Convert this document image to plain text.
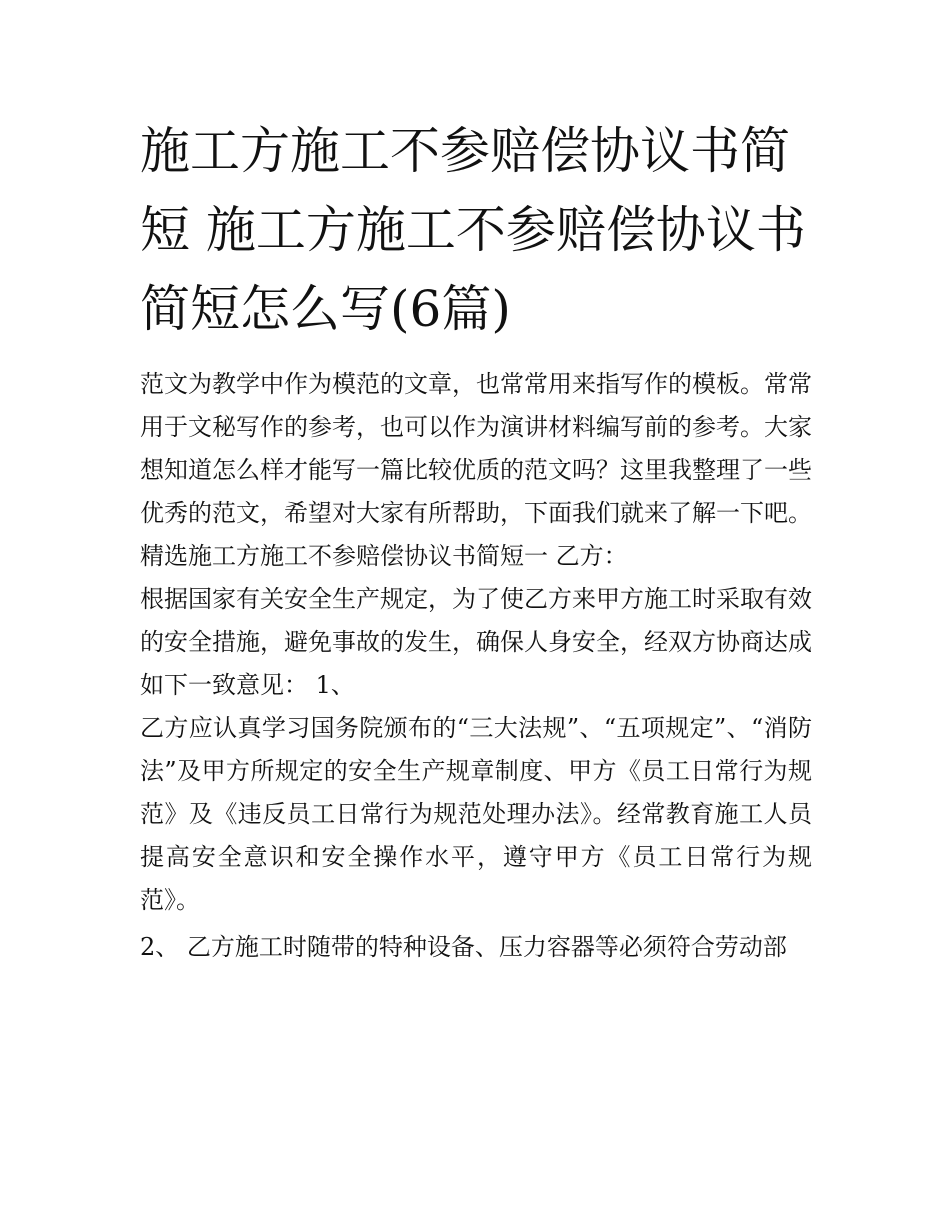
施工方施工不参赔偿协议书简短 施工方施工不参赔偿协议书简短怎么写(6篇)

范文为教学中作为模范的文章，也常常用来指写作的模板。常常用于文秘写作的参考，也可以作为演讲材料编写前的参考。大家想知道怎么样才能写一篇比较优质的范文吗？这里我整理了一些优秀的范文，希望对大家有所帮助，下面我们就来了解一下吧。

精选施工方施工不参赔偿协议书简短一 乙方：

根据国家有关安全生产规定，为了使乙方来甲方施工时采取有效的安全措施，避免事故的发生，确保人身安全，经双方协商达成如下一致意见： 1、

乙方应认真学习国务院颁布的“三大法规”、“五项规定”、“消防法”及甲方所规定的安全生产规章制度、甲方《员工日常行为规范》及《违反员工日常行为规范处理办法》。经常教育施工人员提高安全意识和安全操作水平，遵守甲方《员工日常行为规范》。

2、 乙方施工时随带的特种设备、压力容器等必须符合劳动部
